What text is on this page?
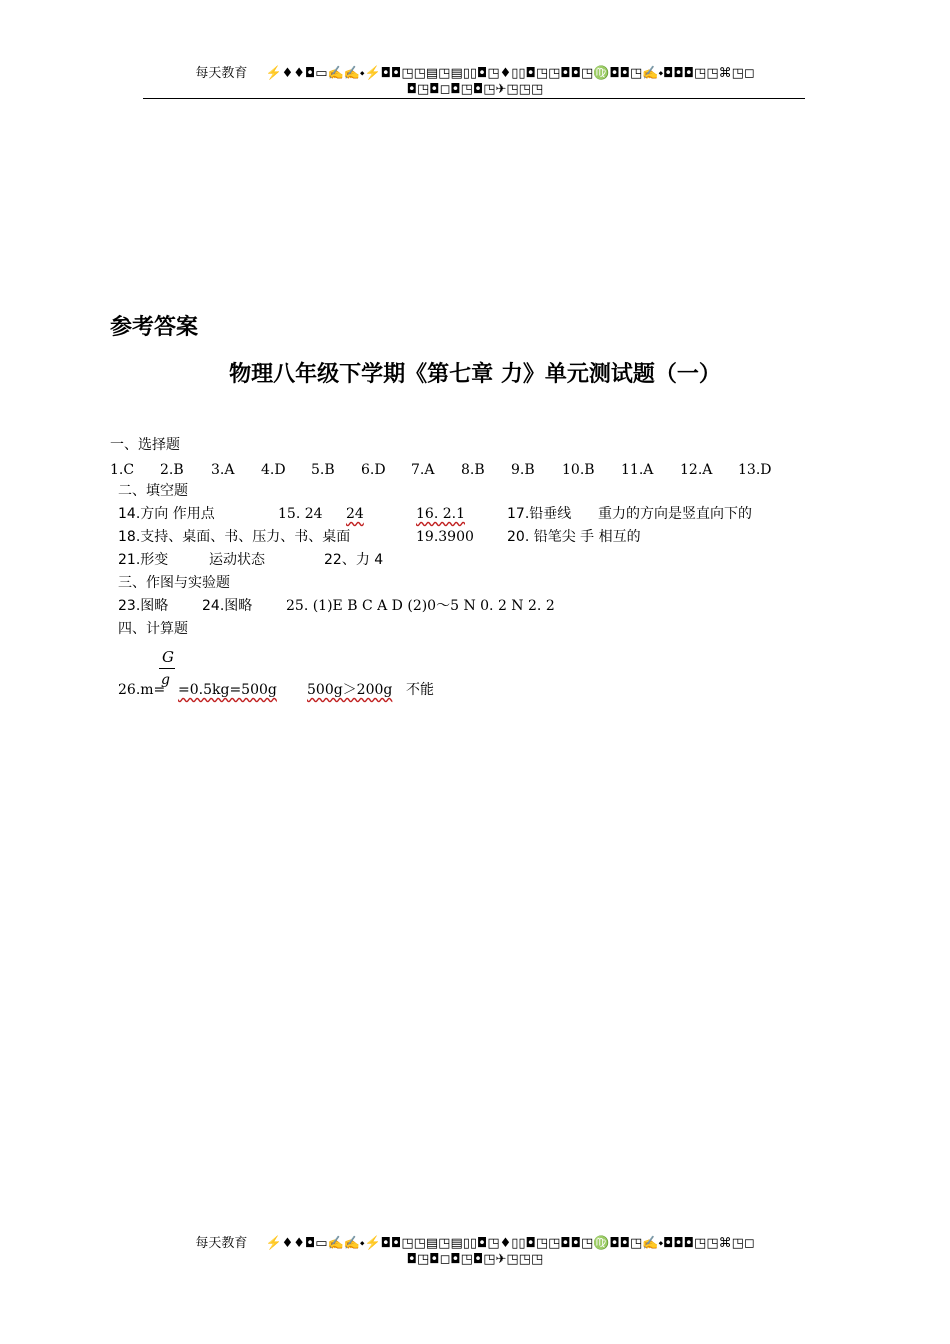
每天教育 ⚡♦♦◘▭✍✍⬩⚡◘◘◳◳▤◳▤▯▯◘◳♦▯▯◘◳◳◘◘◳♍◘◘◳✍⬩◘◘◘◳◳⌘◳◻
◘◳◘◻◘◳◘◳✈◳◳◳
参考答案
物理八年级下学期《第七章 力》单元测试题（一）
一、选择题
1.C 2.B 3.A 4.D 5.B 6.D 7.A 8.B 9.B 10.B 11.A 12.A 13.D
二、填空题
14.方向 作用点	15. 24 24	16. 2.1	17.铅垂线 重力的方向是竖直向下的
18.支持、桌面、书、压力、书、桌面	19.3900 20. 铅笔尖 手 相互的
21.形变	运动状态	22、力 4
三、作图与实验题
23.图略 24.图略 25. (1)E B C A D (2)0～5 N 0. 2 N 2. 2
四、计算题
G
g
26.m= =0.5kg=500g 500g＞200g 不能
每天教育 ⚡♦♦◘▭✍✍⬩⚡◘◘◳◳▤◳▤▯▯◘◳♦▯▯◘◳◳◘◘◳♍◘◘◳✍⬩◘◘◘◳◳⌘◳◻
◘◳◘◻◘◳◘◳✈◳◳◳
